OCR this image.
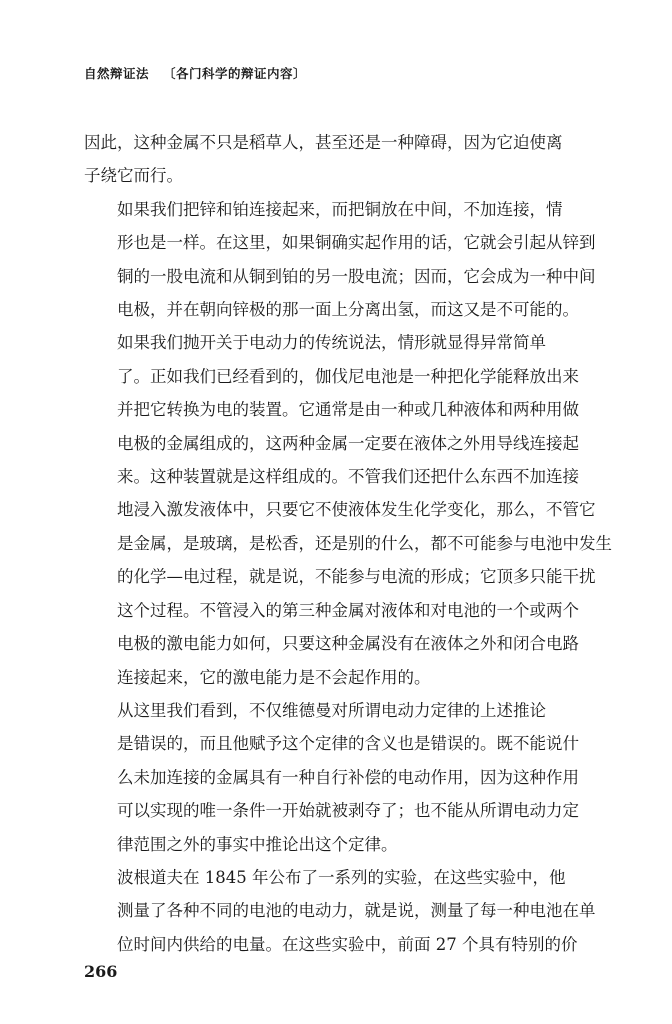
自然辩证法 〔各门科学的辩证内容〕

因此，这种金属不只是稻草人，甚至还是一种障碍，因为它迫使离
子绕它而行。

如果我们把锌和铂连接起来，而把铜放在中间，不加连接，情
形也是一样。在这里，如果铜确实起作用的话，它就会引起从锌到
铜的一股电流和从铜到铂的另一股电流；因而，它会成为一种中间
电极，并在朝向锌极的那一面上分离出氢，而这又是不可能的。

如果我们抛开关于电动力的传统说法，情形就显得异常简单
了。正如我们已经看到的，伽伐尼电池是一种把化学能释放出来
并把它转换为电的装置。它通常是由一种或几种液体和两种用做
电极的金属组成的，这两种金属一定要在液体之外用导线连接起
来。这种装置就是这样组成的。不管我们还把什么东西不加连接
地浸入激发液体中，只要它不使液体发生化学变化，那么，不管它
是金属，是玻璃，是松香，还是别的什么，都不可能参与电池中发生
的化学—电过程，就是说，不能参与电流的形成；它顶多只能干扰
这个过程。不管浸入的第三种金属对液体和对电池的一个或两个
电极的激电能力如何，只要这种金属没有在液体之外和闭合电路
连接起来，它的激电能力是不会起作用的。

从这里我们看到，不仅维德曼对所谓电动力定律的上述推论
是错误的，而且他赋予这个定律的含义也是错误的。既不能说什
么未加连接的金属具有一种自行补偿的电动作用，因为这种作用
可以实现的唯一条件一开始就被剥夺了；也不能从所谓电动力定
律范围之外的事实中推论出这个定律。

波根道夫在 1845 年公布了一系列的实验，在这些实验中，他
测量了各种不同的电池的电动力，就是说，测量了每一种电池在单
位时间内供给的电量。在这些实验中，前面 27 个具有特别的价

266
